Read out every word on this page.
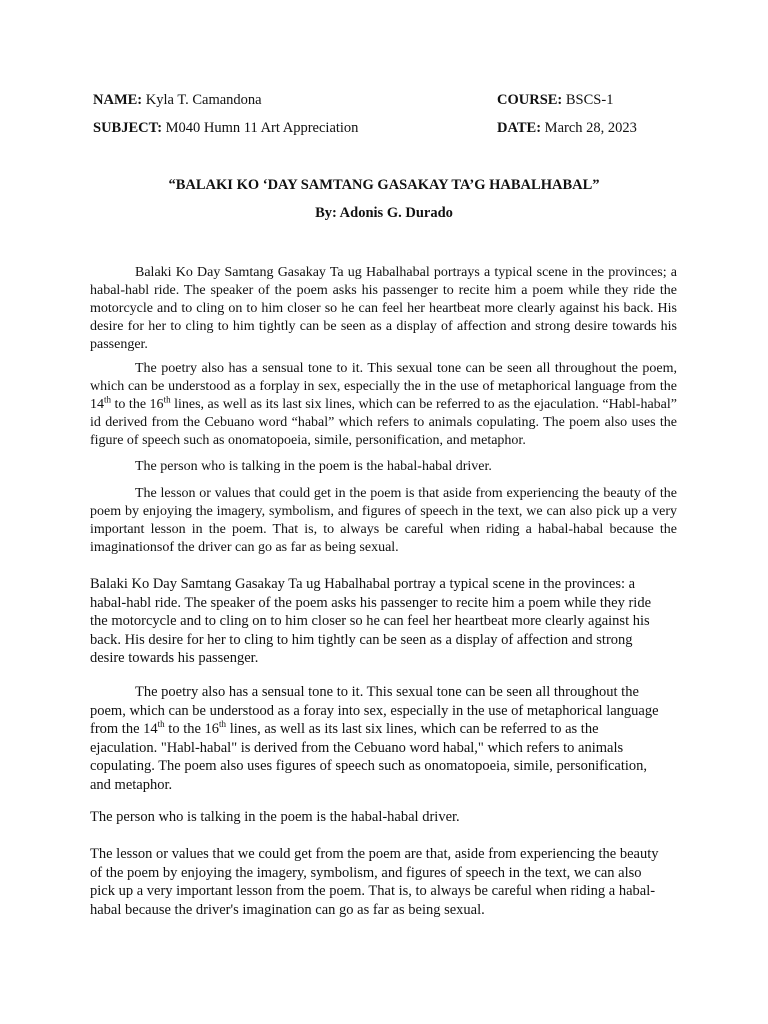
NAME: Kyla T. Camandona	COURSE: BSCS-1
SUBJECT: M040 Humn 11 Art Appreciation	DATE: March 28, 2023
“BALAKI KO ‘DAY SAMTANG GASAKAY TA’G HABALHABAL”
By: Adonis G. Durado

Balaki Ko Day Samtang Gasakay Ta ug Habalhabal portrays a typical scene in the provinces; a habal-habl ride. The speaker of the poem asks his passenger to recite him a poem while they ride the motorcycle and to cling on to him closer so he can feel her heartbeat more clearly against his back. His desire for her to cling to him tightly can be seen as a display of affection and strong desire towards his passenger.

The poetry also has a sensual tone to it. This sexual tone can be seen all throughout the poem, which can be understood as a forplay in sex, especially the in the use of metaphorical language from the 14th to the 16th lines, as well as its last six lines, which can be referred to as the ejaculation. “Habl-habal” id derived from the Cebuano word “habal” which refers to animals copulating. The poem also uses the figure of speech such as onomatopoeia, simile, personification, and metaphor.

The person who is talking in the poem is the habal-habal driver.

The lesson or values that could get in the poem is that aside from experiencing the beauty of the poem by enjoying the imagery, symbolism, and figures of speech in the text, we can also pick up a very important lesson in the poem. That is, to always be careful when riding a habal-habal because the imaginationsof the driver can go as far as being sexual.

Balaki Ko Day Samtang Gasakay Ta ug Habalhabal portray a typical scene in the provinces: a habal-habl ride. The speaker of the poem asks his passenger to recite him a poem while they ride the motorcycle and to cling on to him closer so he can feel her heartbeat more clearly against his back. His desire for her to cling to him tightly can be seen as a display of affection and strong desire towards his passenger.

The poetry also has a sensual tone to it. This sexual tone can be seen all throughout the poem, which can be understood as a foray into sex, especially in the use of metaphorical language from the 14th to the 16th lines, as well as its last six lines, which can be referred to as the ejaculation. "Habl-habal" is derived from the Cebuano word habal," which refers to animals copulating. The poem also uses figures of speech such as onomatopoeia, simile, personification, and metaphor.

The person who is talking in the poem is the habal-habal driver.

The lesson or values that we could get from the poem are that, aside from experiencing the beauty of the poem by enjoying the imagery, symbolism, and figures of speech in the text, we can also pick up a very important lesson from the poem. That is, to always be careful when riding a habal-habal because the driver's imagination can go as far as being sexual.
